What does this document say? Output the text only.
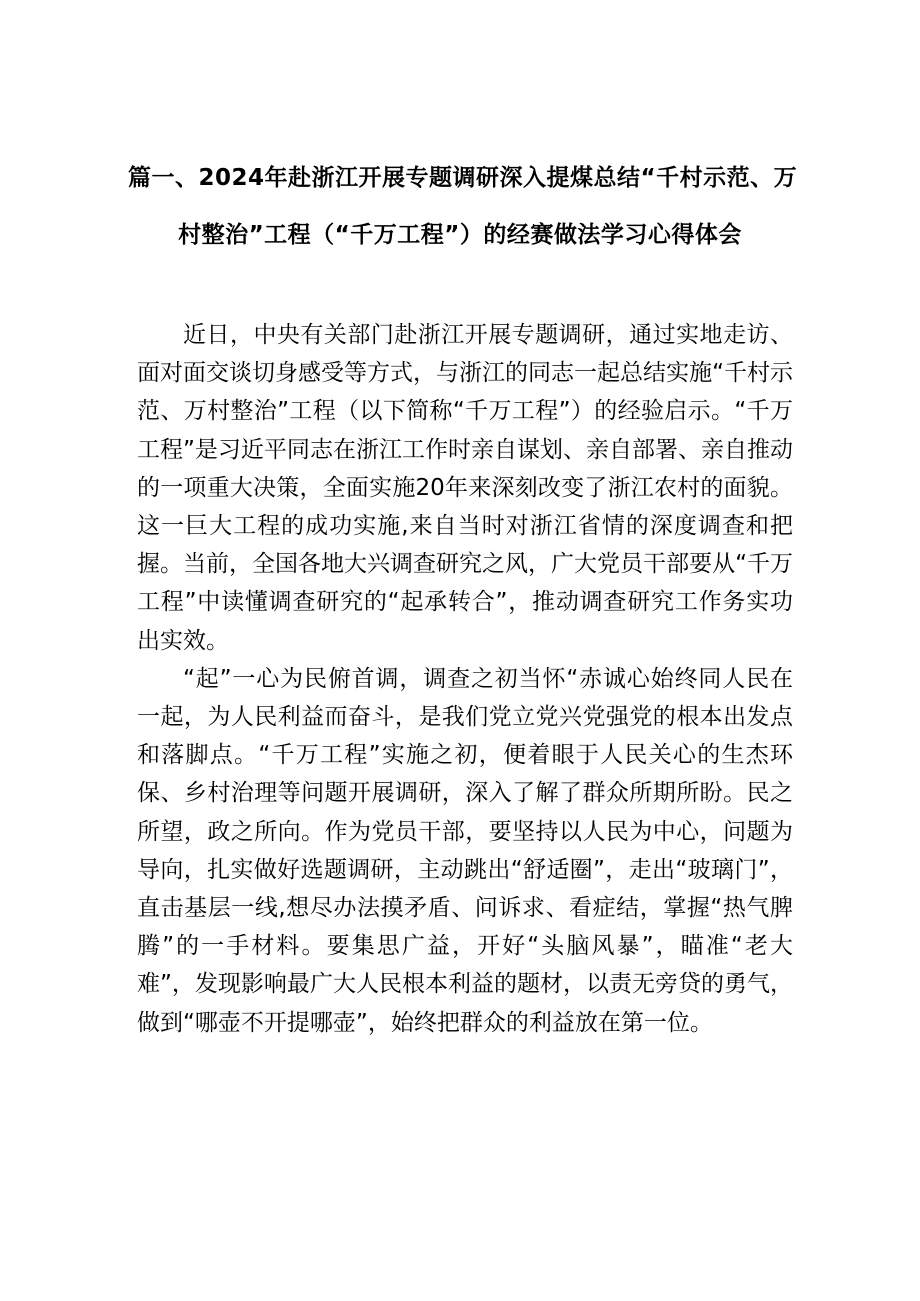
篇一、2024年赴浙江开展专题调研深入提煤总结“千村示范、万
村整治”工程（“千万工程”）的经赛做法学习心得体会

近日，中央有关部门赴浙江开展专题调研，通过实地走访、面对面交谈切身感受等方式，与浙江的同志一起总结实施“千村示范、万村整治”工程（以下简称“千万工程”）的经验启示。“千万工程”是习近平同志在浙江工作时亲自谋划、亲自部署、亲自推动的一项重大决策，全面实施20年来深刻改变了浙江农村的面貌。这一巨大工程的成功实施,来自当时对浙江省情的深度调查和把握。当前，全国各地大兴调查研究之风，广大党员干部要从“千万工程”中读懂调查研究的“起承转合”，推动调查研究工作务实功出实效。

“起”一心为民俯首调，调查之初当怀“赤诚心始终同人民在一起，为人民利益而奋斗，是我们党立党兴党强党的根本出发点和落脚点。“千万工程”实施之初，便着眼于人民关心的生杰环保、乡村治理等问题开展调研，深入了解了群众所期所盼。民之所望，政之所向。作为党员干部，要坚持以人民为中心，问题为导向，扎实做好选题调研，主动跳出“舒适圈”，走出“玻璃门”，直击基层一线,想尽办法摸矛盾、问诉求、看症结，掌握“热气脾腾”的一手材料。要集思广益，开好“头脑风暴”，瞄准“老大难”，发现影响最广大人民根本利益的题材，以责无旁贷的勇气，做到“哪壶不开提哪壶”，始终把群众的利益放在第一位。
